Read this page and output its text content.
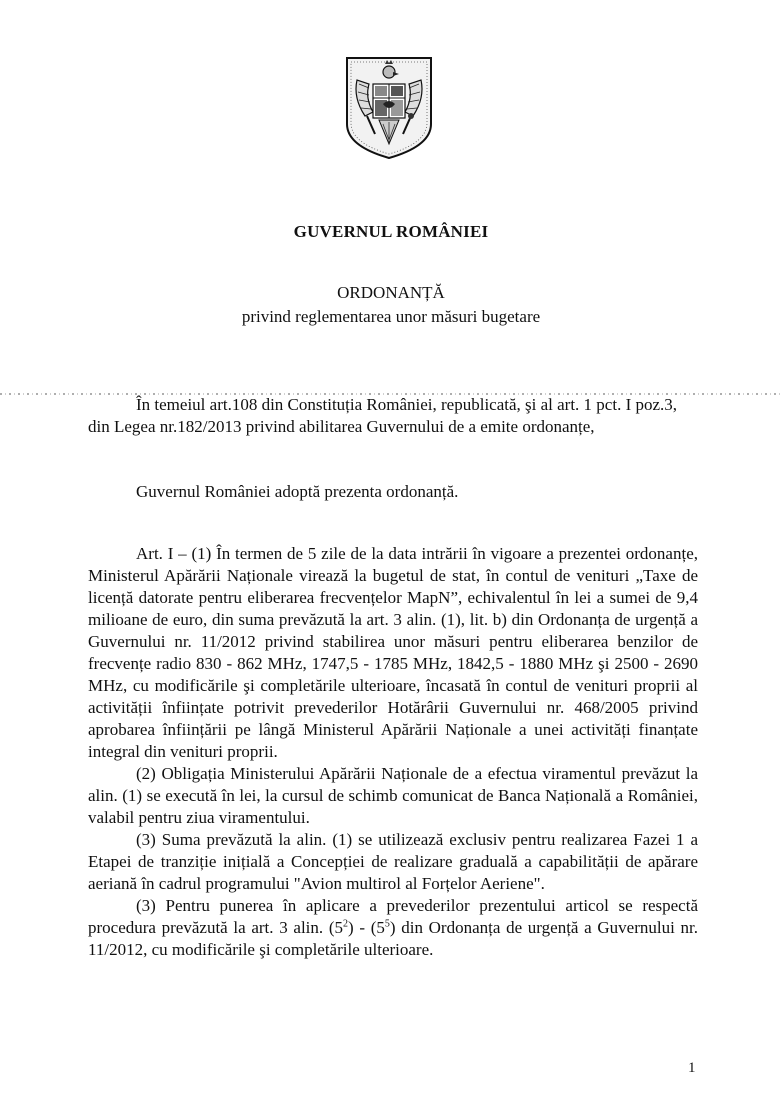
GUVERNUL ROMÂNIEI
ORDONANȚĂ
privind reglementarea unor măsuri bugetare

În temeiul art.108 din Constituția României, republicată, şi al art. 1 pct. I poz.3, din Legea nr.182/2013 privind abilitarea Guvernului de a emite ordonanțe,

Guvernul României adoptă prezenta ordonanță.

Art. I – (1) În termen de 5 zile de la data intrării în vigoare a prezentei ordonanțe, Ministerul Apărării Naționale virează la bugetul de stat, în contul de venituri „Taxe de licență datorate pentru eliberarea frecvențelor MapN”, echivalentul în lei a sumei de 9,4 milioane de euro, din suma prevăzută la art. 3 alin. (1), lit. b) din Ordonanța de urgență a Guvernului nr. 11/2012 privind stabilirea unor măsuri pentru eliberarea benzilor de frecvențe radio 830 - 862 MHz, 1747,5 - 1785 MHz, 1842,5 - 1880 MHz şi 2500 - 2690 MHz, cu modificările şi completările ulterioare, încasată în contul de venituri proprii al activității înființate potrivit prevederilor Hotărârii Guvernului nr. 468/2005 privind aprobarea înființării pe lângă Ministerul Apărării Naționale a unei activități finanțate integral din venituri proprii.

(2) Obligația Ministerului Apărării Naționale de a efectua viramentul prevăzut la alin. (1) se execută în lei, la cursul de schimb comunicat de Banca Națională a României, valabil pentru ziua viramentului.

(3) Suma prevăzută la alin. (1) se utilizează exclusiv pentru realizarea Fazei 1 a Etapei de tranziție inițială a Concepției de realizare graduală a capabilității de apărare aeriană în cadrul programului "Avion multirol al Forțelor Aeriene".

(3) Pentru punerea în aplicare a prevederilor prezentului articol se respectă procedura prevăzută la art. 3 alin. $(5^2) - (5^5)$ din Ordonanța de urgență a Guvernului nr. 11/2012, cu modificările şi completările ulterioare.

1
